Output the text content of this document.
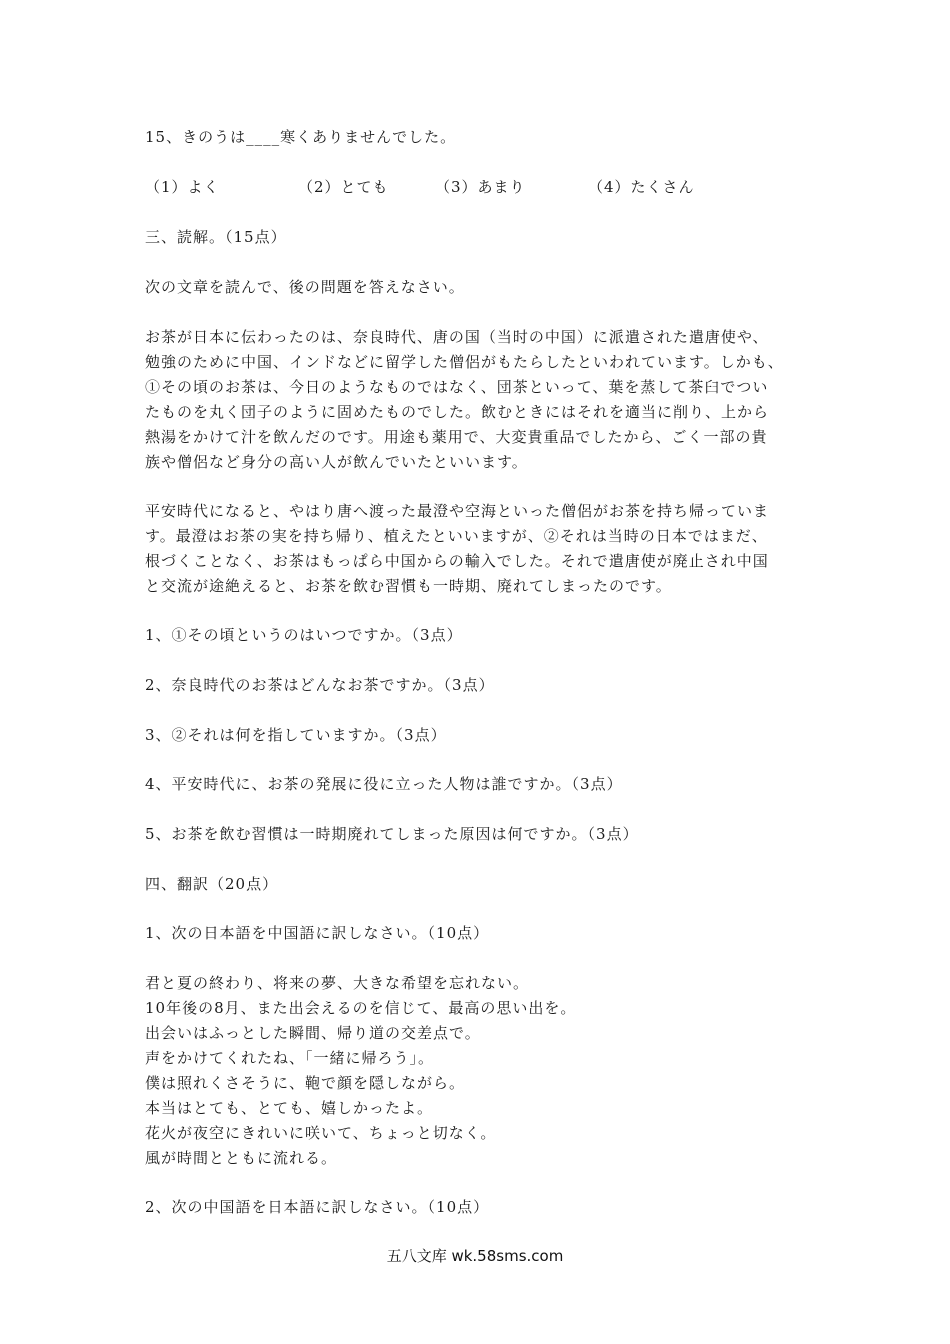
15、きのうは____寒くありませんでした。
（1）よく	（2）とても	（3）あまり	（4）たくさん
三、読解。（15点）
次の文章を読んで、後の問題を答えなさい。
お茶が日本に伝わったのは、奈良時代、唐の国（当时の中国）に派遣された遣唐使や、
勉強のために中国、インドなどに留学した僧侶がもたらしたといわれています。しかも、
①その頃のお茶は、今日のようなものではなく、団茶といって、葉を蒸して茶臼でつい
たものを丸く団子のように固めたものでした。飲むときにはそれを適当に削り、上から
熱湯をかけて汁を飲んだのです。用途も薬用で、大変貴重品でしたから、ごく一部の貴
族や僧侶など身分の高い人が飲んでいたといいます。
平安時代になると、やはり唐へ渡った最澄や空海といった僧侶がお茶を持ち帰っていま
す。最澄はお茶の実を持ち帰り、植えたといいますが、②それは当時の日本ではまだ、
根づくことなく、お茶はもっぱら中国からの輸入でした。それで遣唐使が廃止され中国
と交流が途絶えると、お茶を飲む習慣も一時期、廃れてしまったのです。
1、①その頃というのはいつですか。（3点）
2、奈良時代のお茶はどんなお茶ですか。（3点）
3、②それは何を指していますか。（3点）
4、平安時代に、お茶の発展に役に立った人物は誰ですか。（3点）
5、お茶を飲む習慣は一時期廃れてしまった原因は何ですか。（3点）
四、翻訳（20点）
1、次の日本語を中国語に訳しなさい。（10点）
君と夏の終わり、将来の夢、大きな希望を忘れない。
10年後の8月、また出会えるのを信じて、最高の思い出を。
出会いはふっとした瞬間、帰り道の交差点で。
声をかけてくれたね、「一緒に帰ろう」。
僕は照れくさそうに、鞄で顔を隠しながら。
本当はとても、とても、嬉しかったよ。
花火が夜空にきれいに咲いて、ちょっと切なく。
風が時間とともに流れる。
2、次の中国語を日本語に訳しなさい。（10点）
五八文库 wk.58sms.com
